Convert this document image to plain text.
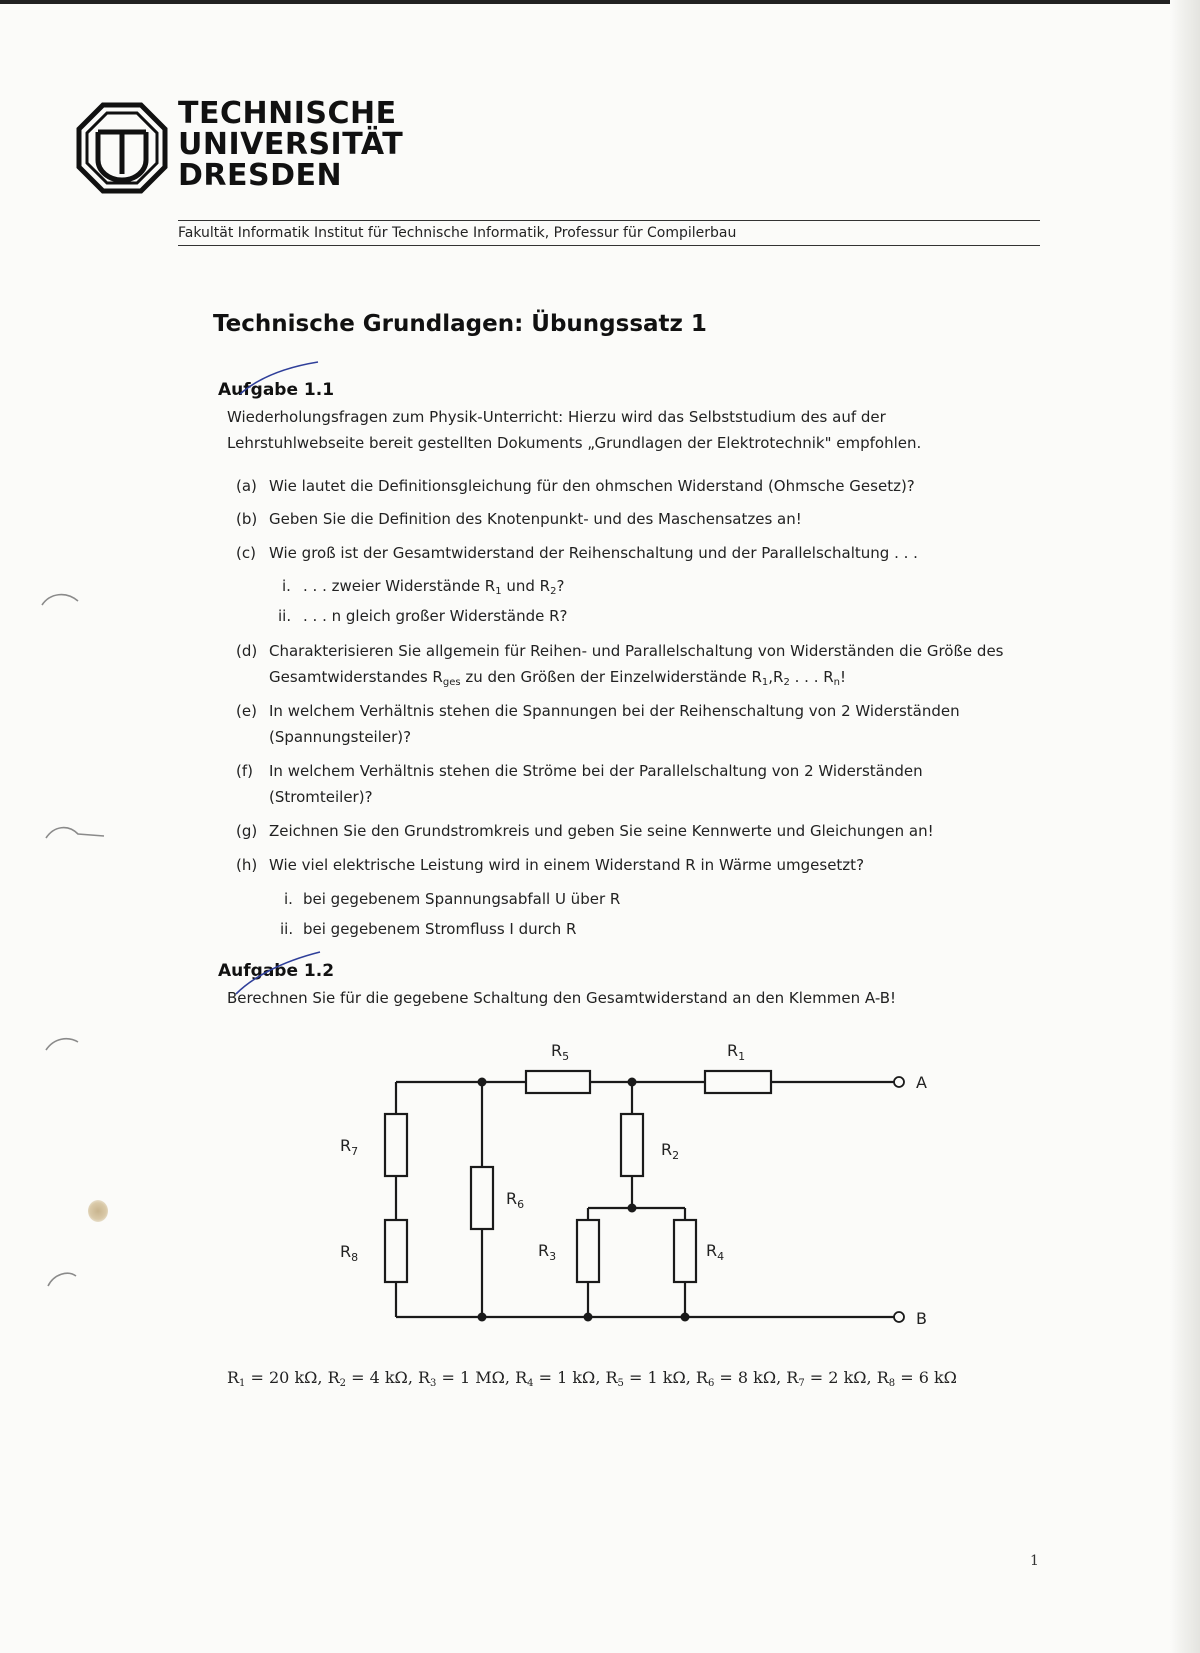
TECHNISCHE
UNIVERSITÄT
DRESDEN
Fakultät Informatik Institut für Technische Informatik, Professur für Compilerbau
Technische Grundlagen: Übungssatz 1
Aufgabe 1.1
Wiederholungsfragen zum Physik-Unterricht: Hierzu wird das Selbststudium des auf der
Lehrstuhlwebseite bereit gestellten Dokuments „Grundlagen der Elektrotechnik" empfohlen.
(a) Wie lautet die Definitionsgleichung für den ohmschen Widerstand (Ohmsche Gesetz)?
(b) Geben Sie die Definition des Knotenpunkt- und des Maschensatzes an!
(c) Wie groß ist der Gesamtwiderstand der Reihenschaltung und der Parallelschaltung . . .
i. . . . zweier Widerstände $R_1$ und $R_2$?
ii. . . . n gleich großer Widerstände R?
(d) Charakterisieren Sie allgemein für Reihen- und Parallelschaltung von Widerständen die Größe des
Gesamtwiderstandes $R_{ges}$ zu den Größen der Einzelwiderstände $R_1,R_2$ . . . $R_n$!
(e) In welchem Verhältnis stehen die Spannungen bei der Reihenschaltung von 2 Widerständen
(Spannungsteiler)?
(f) In welchem Verhältnis stehen die Ströme bei der Parallelschaltung von 2 Widerständen
(Stromteiler)?
(g) Zeichnen Sie den Grundstromkreis und geben Sie seine Kennwerte und Gleichungen an!
(h) Wie viel elektrische Leistung wird in einem Widerstand R in Wärme umgesetzt?
i. bei gegebenem Spannungsabfall U über R
ii. bei gegebenem Stromfluss I durch R
Aufgabe 1.2
Berechnen Sie für die gegebene Schaltung den Gesamtwiderstand an den Klemmen A-B!
A
B
$R_1$
$R_2$
$R_3$	$R_4$
$R_5$
$R_6$
$R_7$
$R_8$
$R_1 = 20$ kΩ, $R_2 = 4$ kΩ, $R_3 = 1$ MΩ, $R_4 = 1$ kΩ, $R_5 = 1$ kΩ, $R_6 = 8$ kΩ, $R_7 = 2$ kΩ, $R_8 = 6$ kΩ
1
